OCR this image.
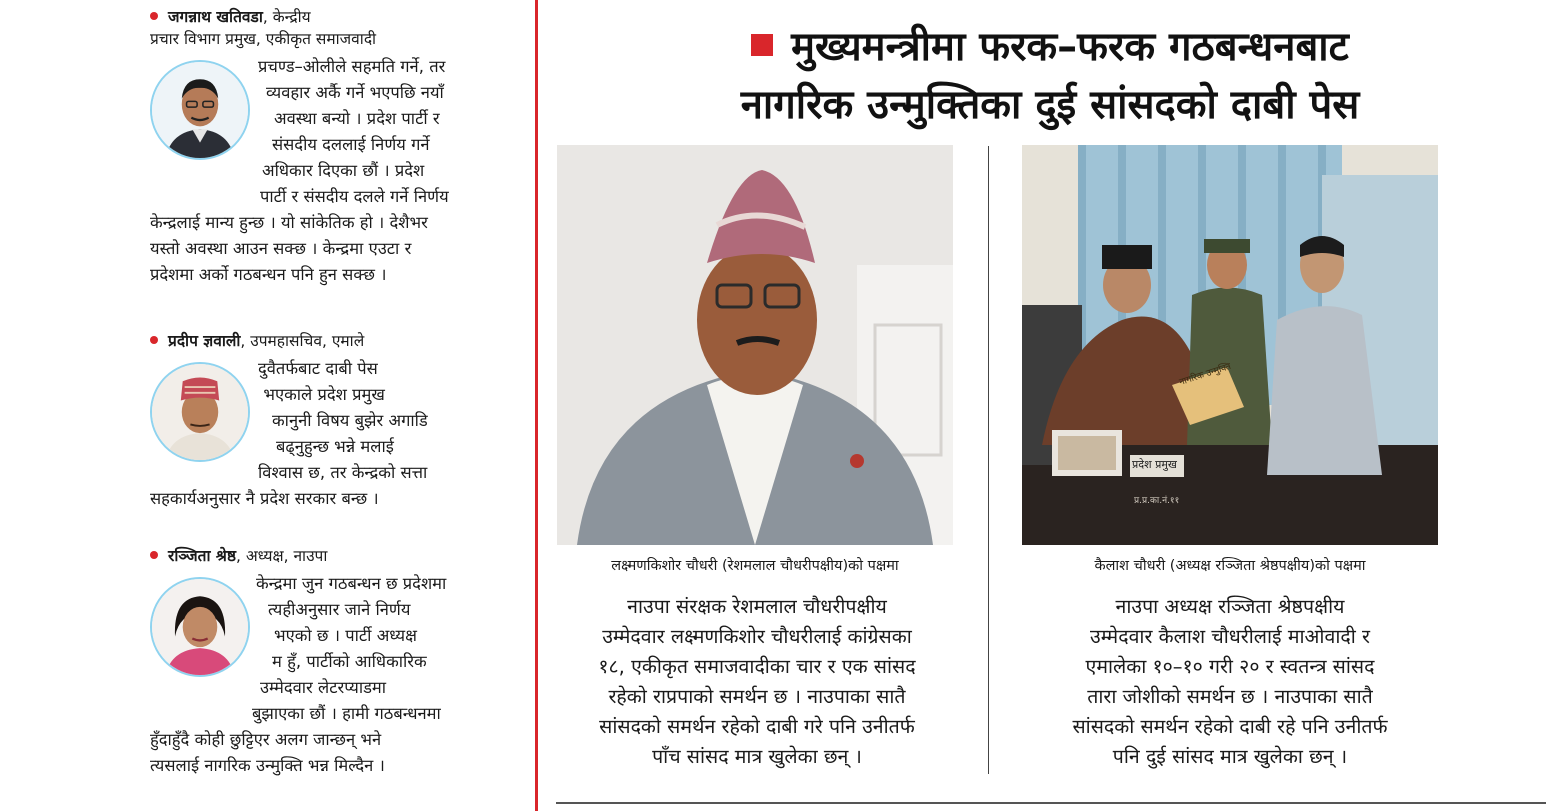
जगन्नाथ खतिवडा, केन्द्रीय
प्रचार विभाग प्रमुख, एकीकृत समाजवादी
प्रचण्ड–ओलीले सहमति गर्ने, तर
व्यवहार अर्कै गर्ने भएपछि नयाँ
अवस्था बन्यो । प्रदेश पार्टी र
संसदीय दललाई निर्णय गर्ने
अधिकार दिएका छौं । प्रदेश
पार्टी र संसदीय दलले गर्ने निर्णय
केन्द्रलाई मान्य हुन्छ । यो सांकेतिक हो । देशैभर
यस्तो अवस्था आउन सक्छ । केन्द्रमा एउटा र
प्रदेशमा अर्को गठबन्धन पनि हुन सक्छ ।
प्रदीप ज्ञवाली, उपमहासचिव, एमाले
दुवैतर्फबाट दाबी पेस
भएकाले प्रदेश प्रमुख
कानुनी विषय बुझेर अगाडि
बढ्नुहुन्छ भन्ने मलाई
विश्वास छ, तर केन्द्रको सत्ता
सहकार्यअनुसार नै प्रदेश सरकार बन्छ ।
रञ्जिता श्रेष्ठ, अध्यक्ष, नाउपा
केन्द्रमा जुन गठबन्धन छ प्रदेशमा
त्यहीअनुसार जाने निर्णय
भएको छ । पार्टी अध्यक्ष
म हुँ, पार्टीको आधिकारिक
उम्मेदवार लेटरप्याडमा
बुझाएका छौं । हामी गठबन्धनमा
हुँदाहुँदै कोही छुट्टिएर अलग जान्छन् भने
त्यसलाई नागरिक उन्मुक्ति भन्न मिल्दैन ।
मुख्यमन्त्रीमा फरक–फरक गठबन्धनबाट
नागरिक उन्मुक्तिका दुई सांसदको दाबी पेस
लक्ष्मणकिशोर चौधरी (रेशमलाल चौधरीपक्षीय)को पक्षमा
प्रदेश प्रमुख
नागरिक उन्मुक्ति
प्र.प्र.का.नं.११
कैलाश चौधरी (अध्यक्ष रञ्जिता श्रेष्ठपक्षीय)को पक्षमा
नाउपा संरक्षक रेशमलाल चौधरीपक्षीय
उम्मेदवार लक्ष्मणकिशोर चौधरीलाई कांग्रेसका
१८, एकीकृत समाजवादीका चार र एक सांसद
रहेको राप्रपाको समर्थन छ । नाउपाका सातै
सांसदको समर्थन रहेको दाबी गरे पनि उनीतर्फ
पाँच सांसद मात्र खुलेका छन् ।
नाउपा अध्यक्ष रञ्जिता श्रेष्ठपक्षीय
उम्मेदवार कैलाश चौधरीलाई माओवादी र
एमालेका १०–१० गरी २० र स्वतन्त्र सांसद
तारा जोशीको समर्थन छ । नाउपाका सातै
सांसदको समर्थन रहेको दाबी रहे पनि उनीतर्फ
पनि दुई सांसद मात्र खुलेका छन् ।
